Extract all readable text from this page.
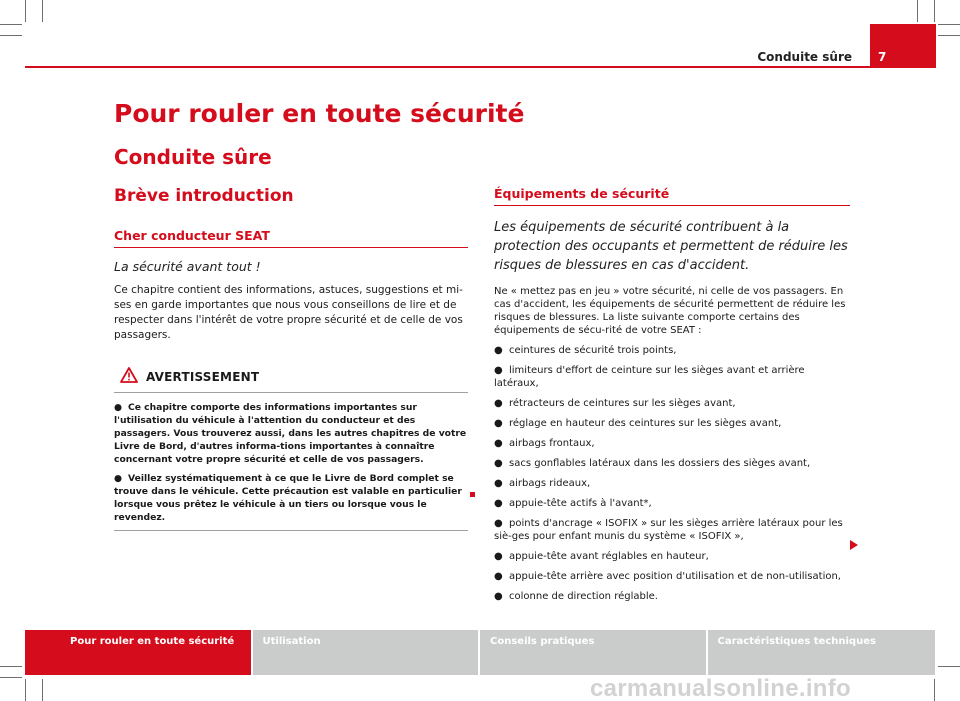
Conduite sûre 7
Pour rouler en toute sécurité
Conduite sûre
Brève introduction
Cher conducteur SEAT
La sécurité avant tout !
Ce chapitre contient des informations, astuces, suggestions et mi-ses en garde importantes que nous vous conseillons de lire et de respecter dans l'intérêt de votre propre sécurité et de celle de vos passagers.
AVERTISSEMENT
● Ce chapitre comporte des informations importantes sur l'utilisation du véhicule à l'attention du conducteur et des passagers. Vous trouverez aussi, dans les autres chapitres de votre Livre de Bord, d'autres informa-tions importantes à connaître concernant votre propre sécurité et celle de vos passagers.
● Veillez systématiquement à ce que le Livre de Bord complet se trouve dans le véhicule. Cette précaution est valable en particulier lorsque vous prêtez le véhicule à un tiers ou lorsque vous le revendez.
Équipements de sécurité
Les équipements de sécurité contribuent à la protection des occupants et permettent de réduire les risques de blessures en cas d'accident.
Ne « mettez pas en jeu » votre sécurité, ni celle de vos passagers. En cas d'accident, les équipements de sécurité permettent de réduire les risques de blessures. La liste suivante comporte certains des équipements de sécu-rité de votre SEAT :
● ceintures de sécurité trois points,
● limiteurs d'effort de ceinture sur les sièges avant et arrière latéraux,
● rétracteurs de ceintures sur les sièges avant,
● réglage en hauteur des ceintures sur les sièges avant,
● airbags frontaux,
● sacs gonflables latéraux dans les dossiers des sièges avant,
● airbags rideaux,
● appuie-tête actifs à l'avant*,
● points d'ancrage « ISOFIX » sur les sièges arrière latéraux pour les siè-ges pour enfant munis du système « ISOFIX »,
● appuie-tête avant réglables en hauteur,
● appuie-tête arrière avec position d'utilisation et de non-utilisation,
● colonne de direction réglable.
Pour rouler en toute sécurité	Utilisation	Conseils pratiques	Caractéristiques techniques
carmanualsonline.info
